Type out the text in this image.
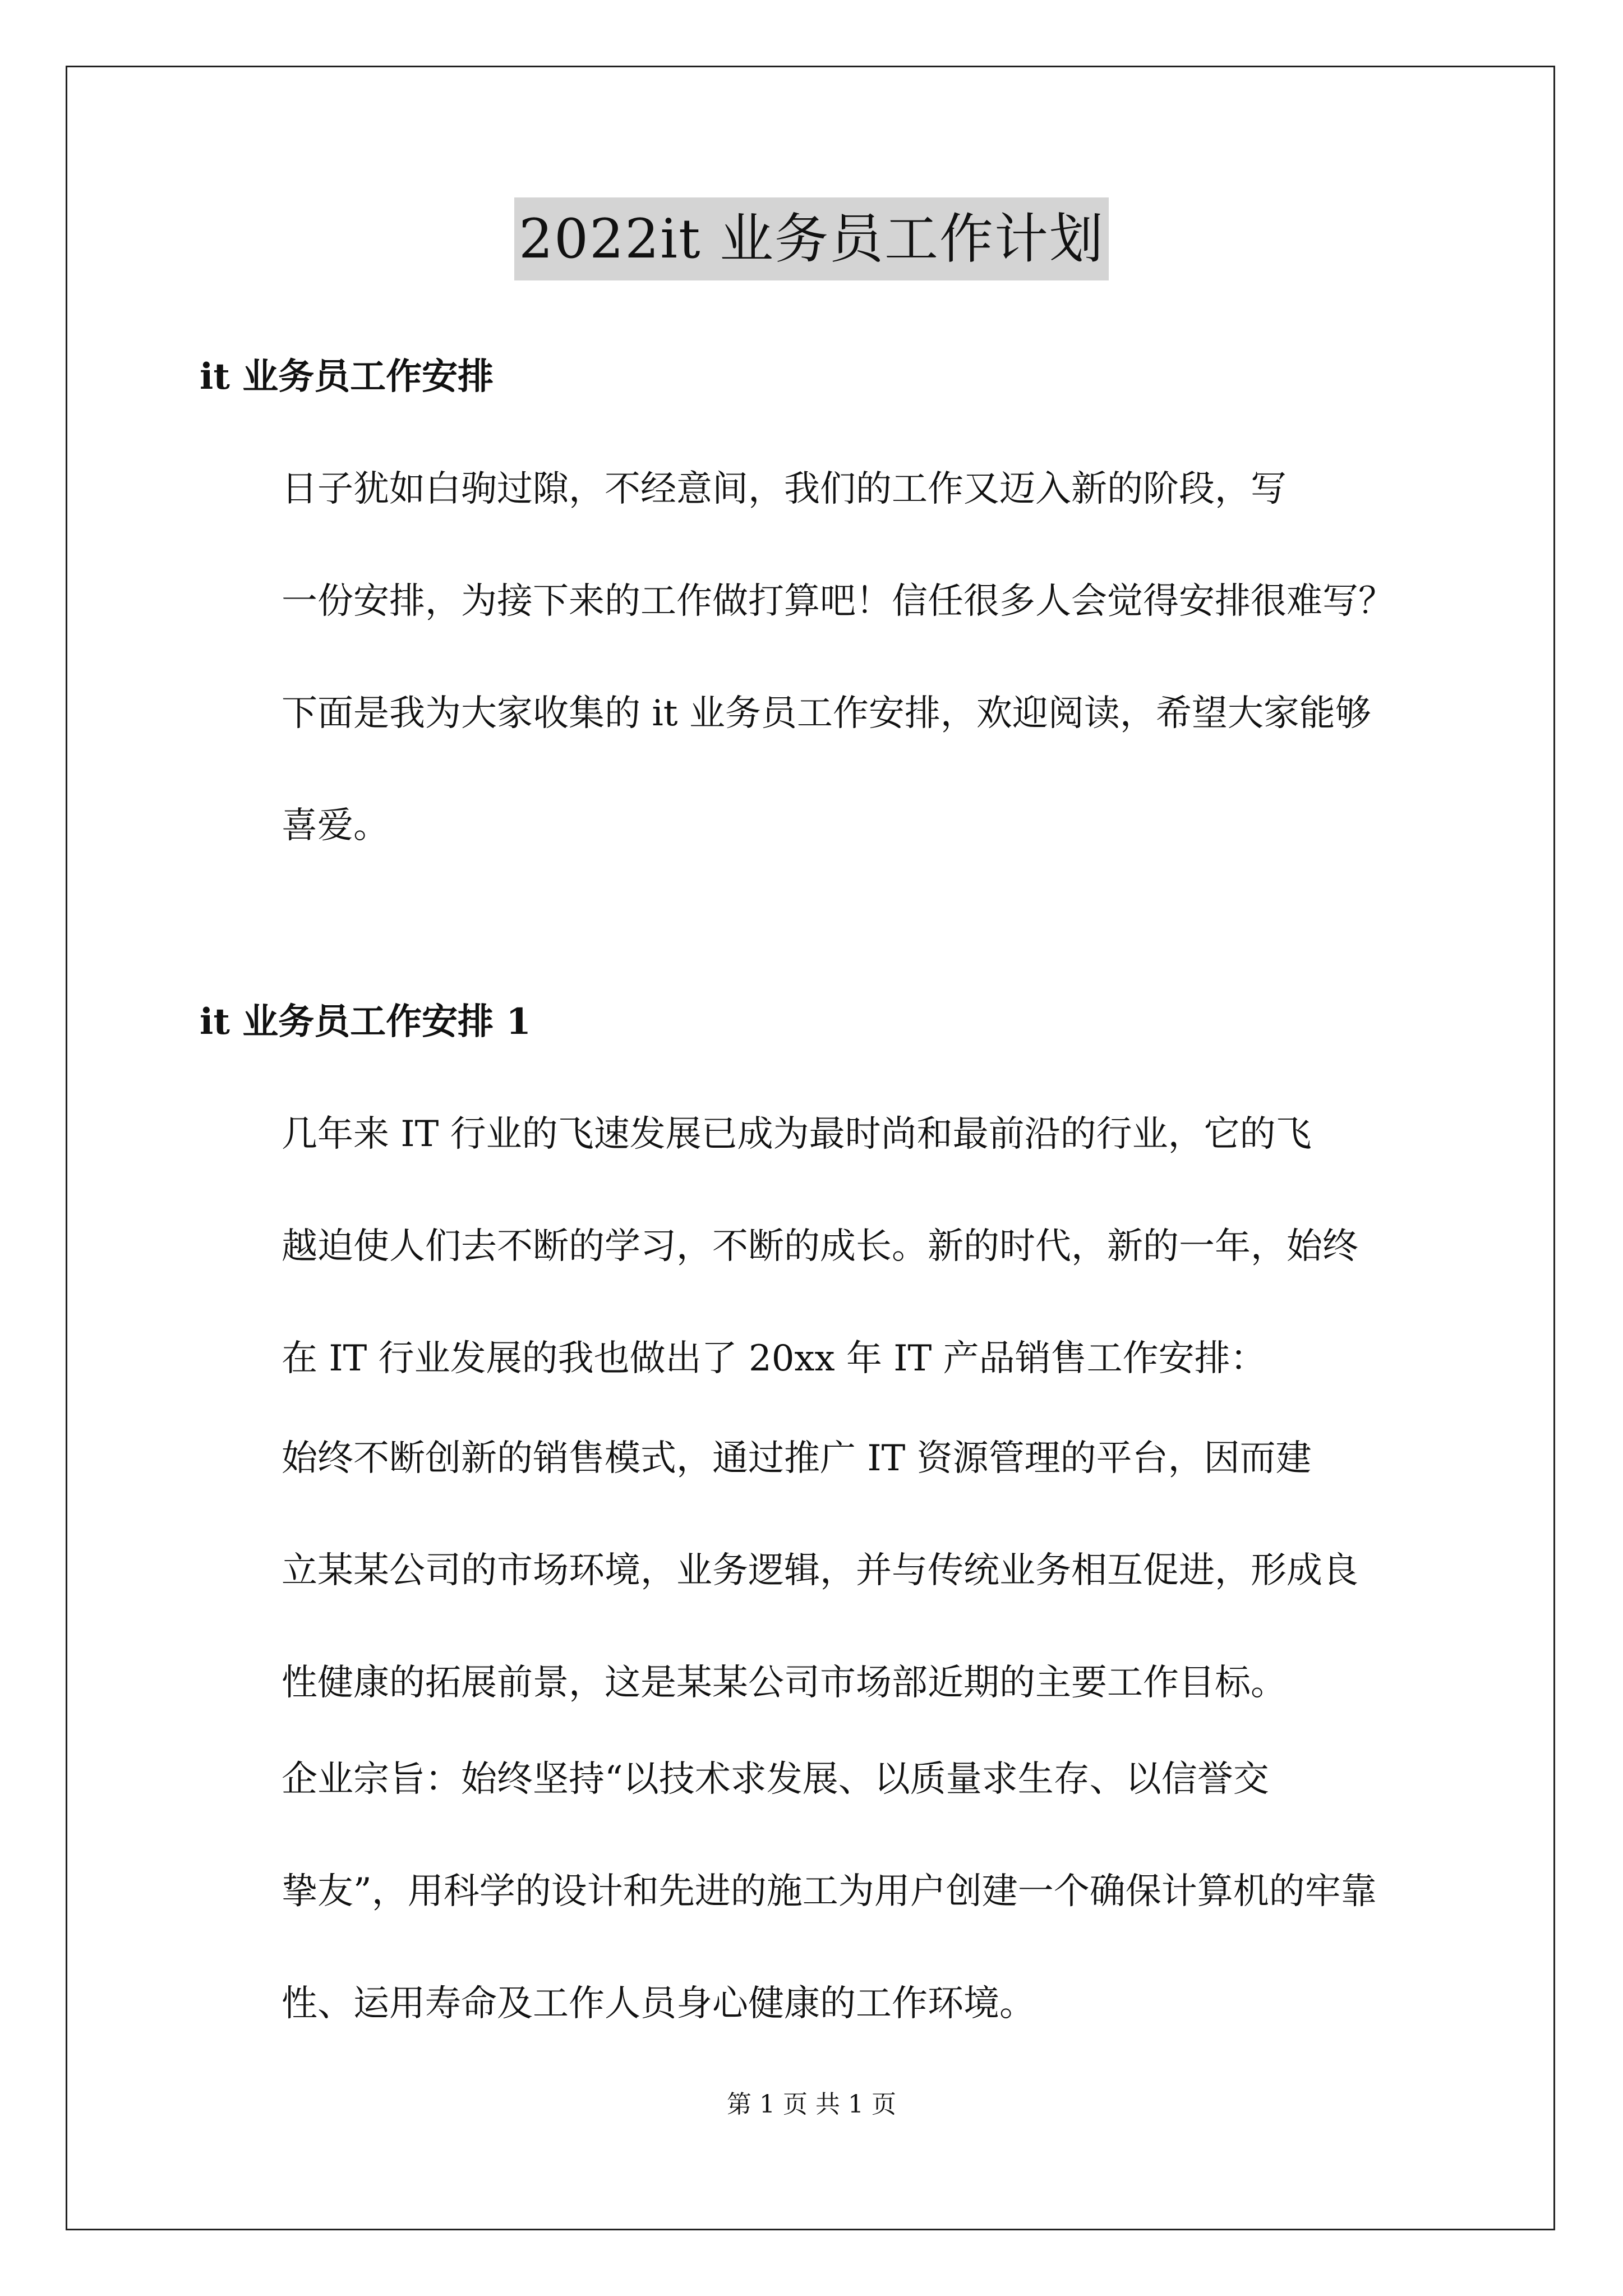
2022it 业务员工作计划
it 业务员工作安排

日子犹如白驹过隙，不经意间，我们的工作又迈入新的阶段，写
一份安排，为接下来的工作做打算吧！信任很多人会觉得安排很难写？
下面是我为大家收集的 it 业务员工作安排，欢迎阅读，希望大家能够
喜爱。

it 业务员工作安排 1

几年来 IT 行业的飞速发展已成为最时尚和最前沿的行业，它的飞
越迫使人们去不断的学习，不断的成长。新的时代，新的一年，始终
在 IT 行业发展的我也做出了 20xx 年 IT 产品销售工作安排：

始终不断创新的销售模式，通过推广 IT 资源管理的平台，因而建
立某某公司的市场环境，业务逻辑，并与传统业务相互促进，形成良
性健康的拓展前景，这是某某公司市场部近期的主要工作目标。

企业宗旨：始终坚持“以技术求发展、以质量求生存、以信誉交
挚友”，用科学的设计和先进的施工为用户创建一个确保计算机的牢靠
性、运用寿命及工作人员身心健康的工作环境。

第 1 页 共 1 页
